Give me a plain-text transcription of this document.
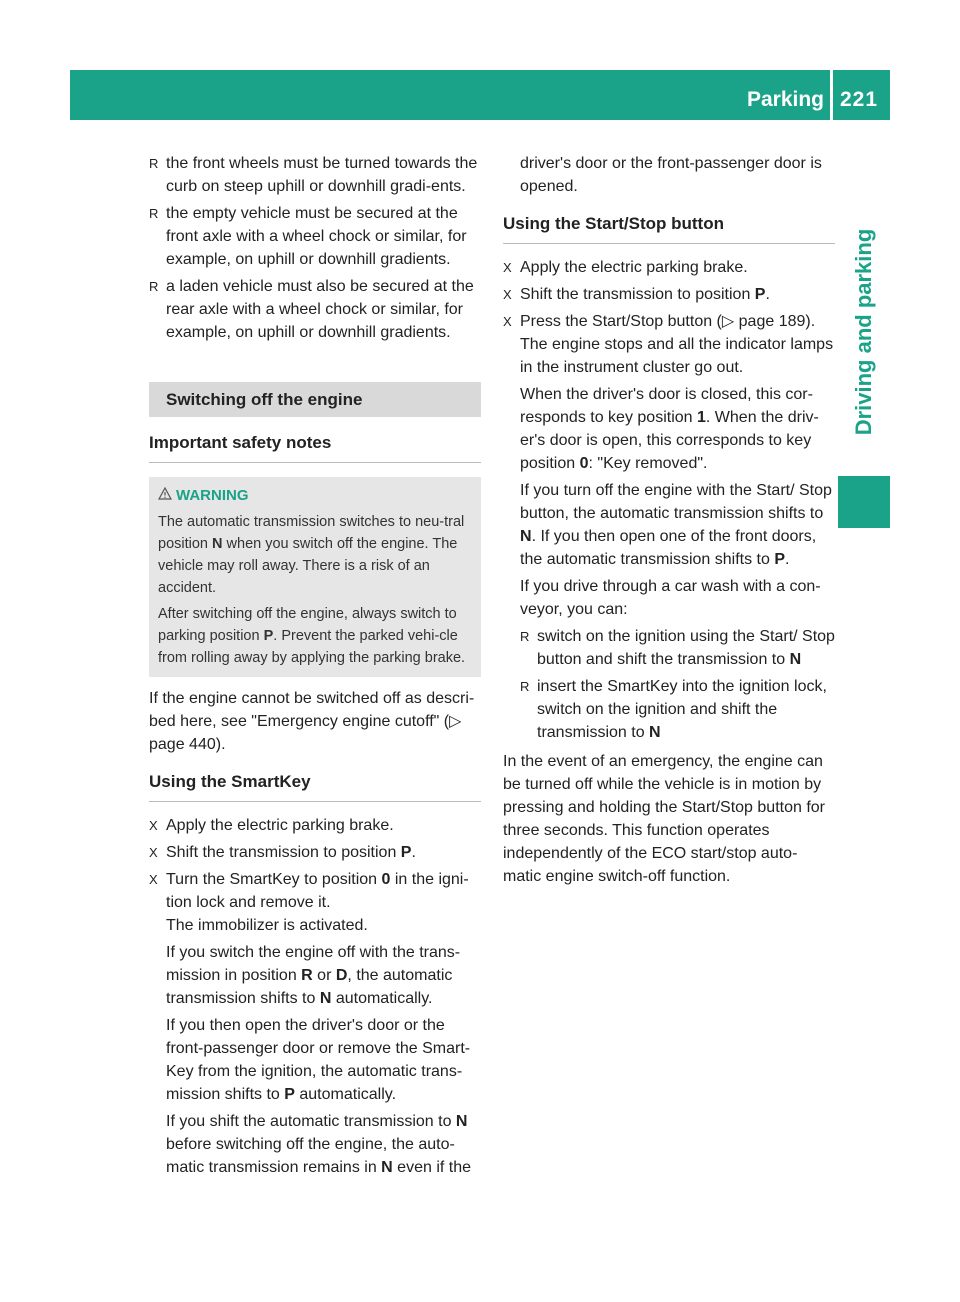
Parking 221
Driving and parking
R the front wheels must be turned towards the curb on steep uphill or downhill gradi-ents.
R the empty vehicle must be secured at the front axle with a wheel chock or similar, for example, on uphill or downhill gradients.
R a laden vehicle must also be secured at the rear axle with a wheel chock or similar, for example, on uphill or downhill gradients.
Switching off the engine
Important safety notes
WARNING

The automatic transmission switches to neu-tral position N when you switch off the engine. The vehicle may roll away. There is a risk of an accident.

After switching off the engine, always switch to parking position P. Prevent the parked vehi-cle from rolling away by applying the parking brake.

If the engine cannot be switched off as descri-bed here, see "Emergency engine cutoff" (▷ page 440).

Using the SmartKey
X Apply the electric parking brake.
X Shift the transmission to position P.
X Turn the SmartKey to position 0 in the igni-tion lock and remove it.
The immobilizer is activated.
If you switch the engine off with the trans-mission in position R or D, the automatic transmission shifts to N automatically.
If you then open the driver's door or the front-passenger door or remove the Smart-Key from the ignition, the automatic trans-mission shifts to P automatically.
If you shift the automatic transmission to N before switching off the engine, the auto-matic transmission remains in N even if the

driver's door or the front-passenger door is opened.

Using the Start/Stop button
X Apply the electric parking brake.
X Shift the transmission to position P.
X Press the Start/Stop button (▷ page 189).
The engine stops and all the indicator lamps in the instrument cluster go out.
When the driver's door is closed, this cor-responds to key position 1. When the driv-er's door is open, this corresponds to key position 0: "Key removed".
If you turn off the engine with the Start/ Stop button, the automatic transmission shifts to N. If you then open one of the front doors, the automatic transmission shifts to P.
If you drive through a car wash with a con-veyor, you can:
R switch on the ignition using the Start/ Stop button and shift the transmission to N
R insert the SmartKey into the ignition lock, switch on the ignition and shift the transmission to N

In the event of an emergency, the engine can be turned off while the vehicle is in motion by pressing and holding the Start/Stop button for three seconds. This function operates independently of the ECO start/stop auto-matic engine switch-off function.
